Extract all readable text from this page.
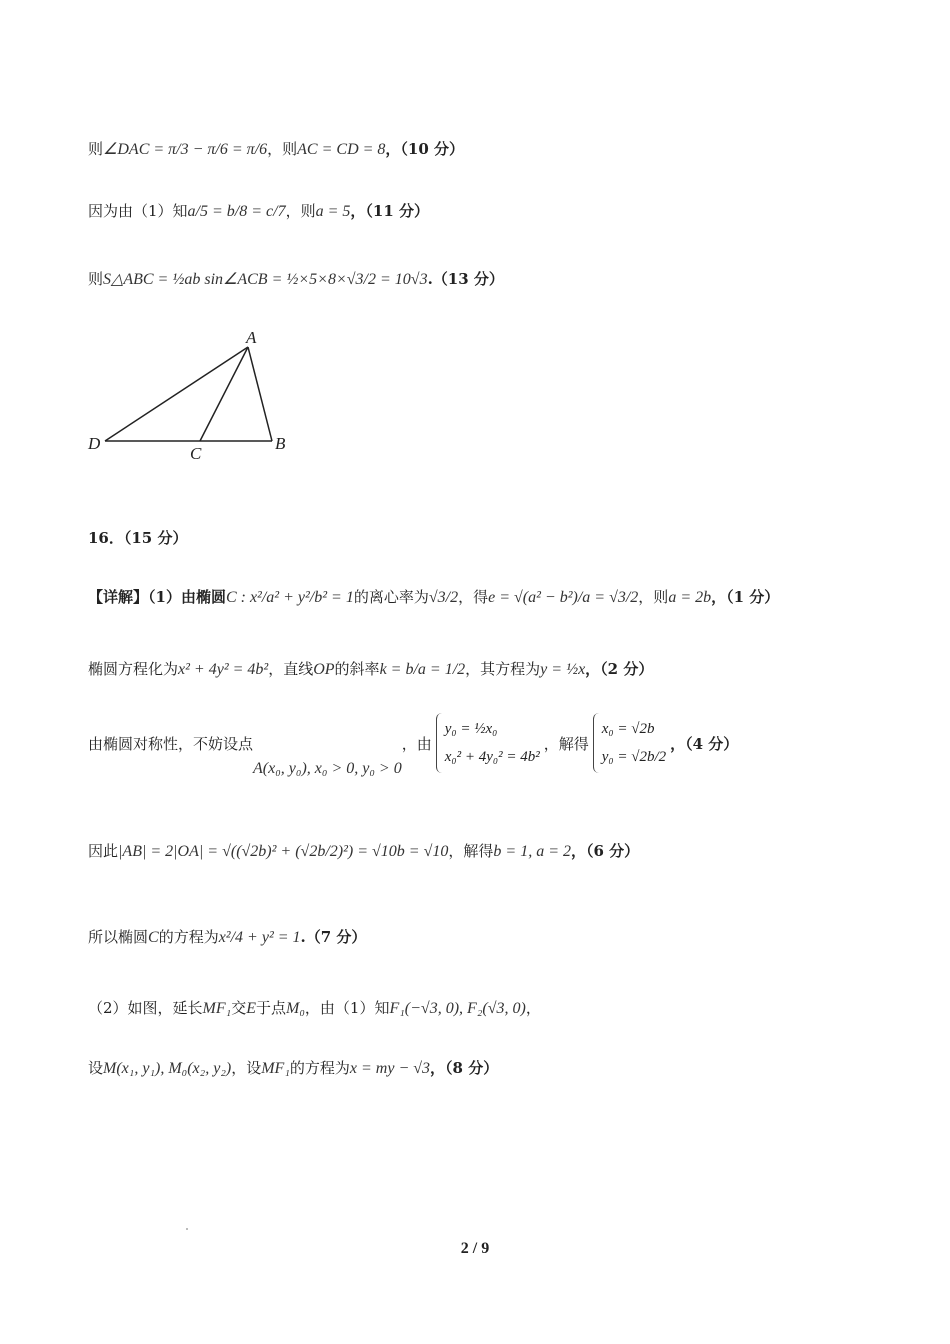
则∠DAC = π/3 − π/6 = π/6，则AC = CD = 8，（10 分）
因为由（1）知a/5 = b/8 = c/7，则a = 5，（11 分）
则S△ABC = ½ab sin∠ACB = ½×5×8×√3/2 = 10√3.（13 分）
A
B
C
D
16．（15 分）
【详解】（1）由椭圆C : x²/a² + y²/b² = 1的离心率为√3/2，得e = √(a² − b²)/a = √3/2，则a = 2b，（1 分）
椭圆方程化为x² + 4y² = 4b²，直线OP的斜率k = b/a = 1/2，其方程为y = ½x，（2 分）
由椭圆对称性，不妨设点
A(x₀, y₀), x₀ > 0, y₀ > 0
，由
y₀ = ½x₀
x₀² + 4y₀² = 4b²
，解得
x₀ = √2b
y₀ = √2b/2
，（4 分）
因此|AB| = 2|OA| = √((√2b)² + (√2b/2)²) = √10b = √10，解得b = 1, a = 2，（6 分）
所以椭圆C的方程为x²/4 + y² = 1.（7 分）
（2）如图，延长MF₁交E于点M₀，由（1）知F₁(−√3, 0), F₂(√3, 0)，
设M(x₁, y₁), M₀(x₂, y₂)，设MF₁的方程为x = my − √3，（8 分）
2 / 9
